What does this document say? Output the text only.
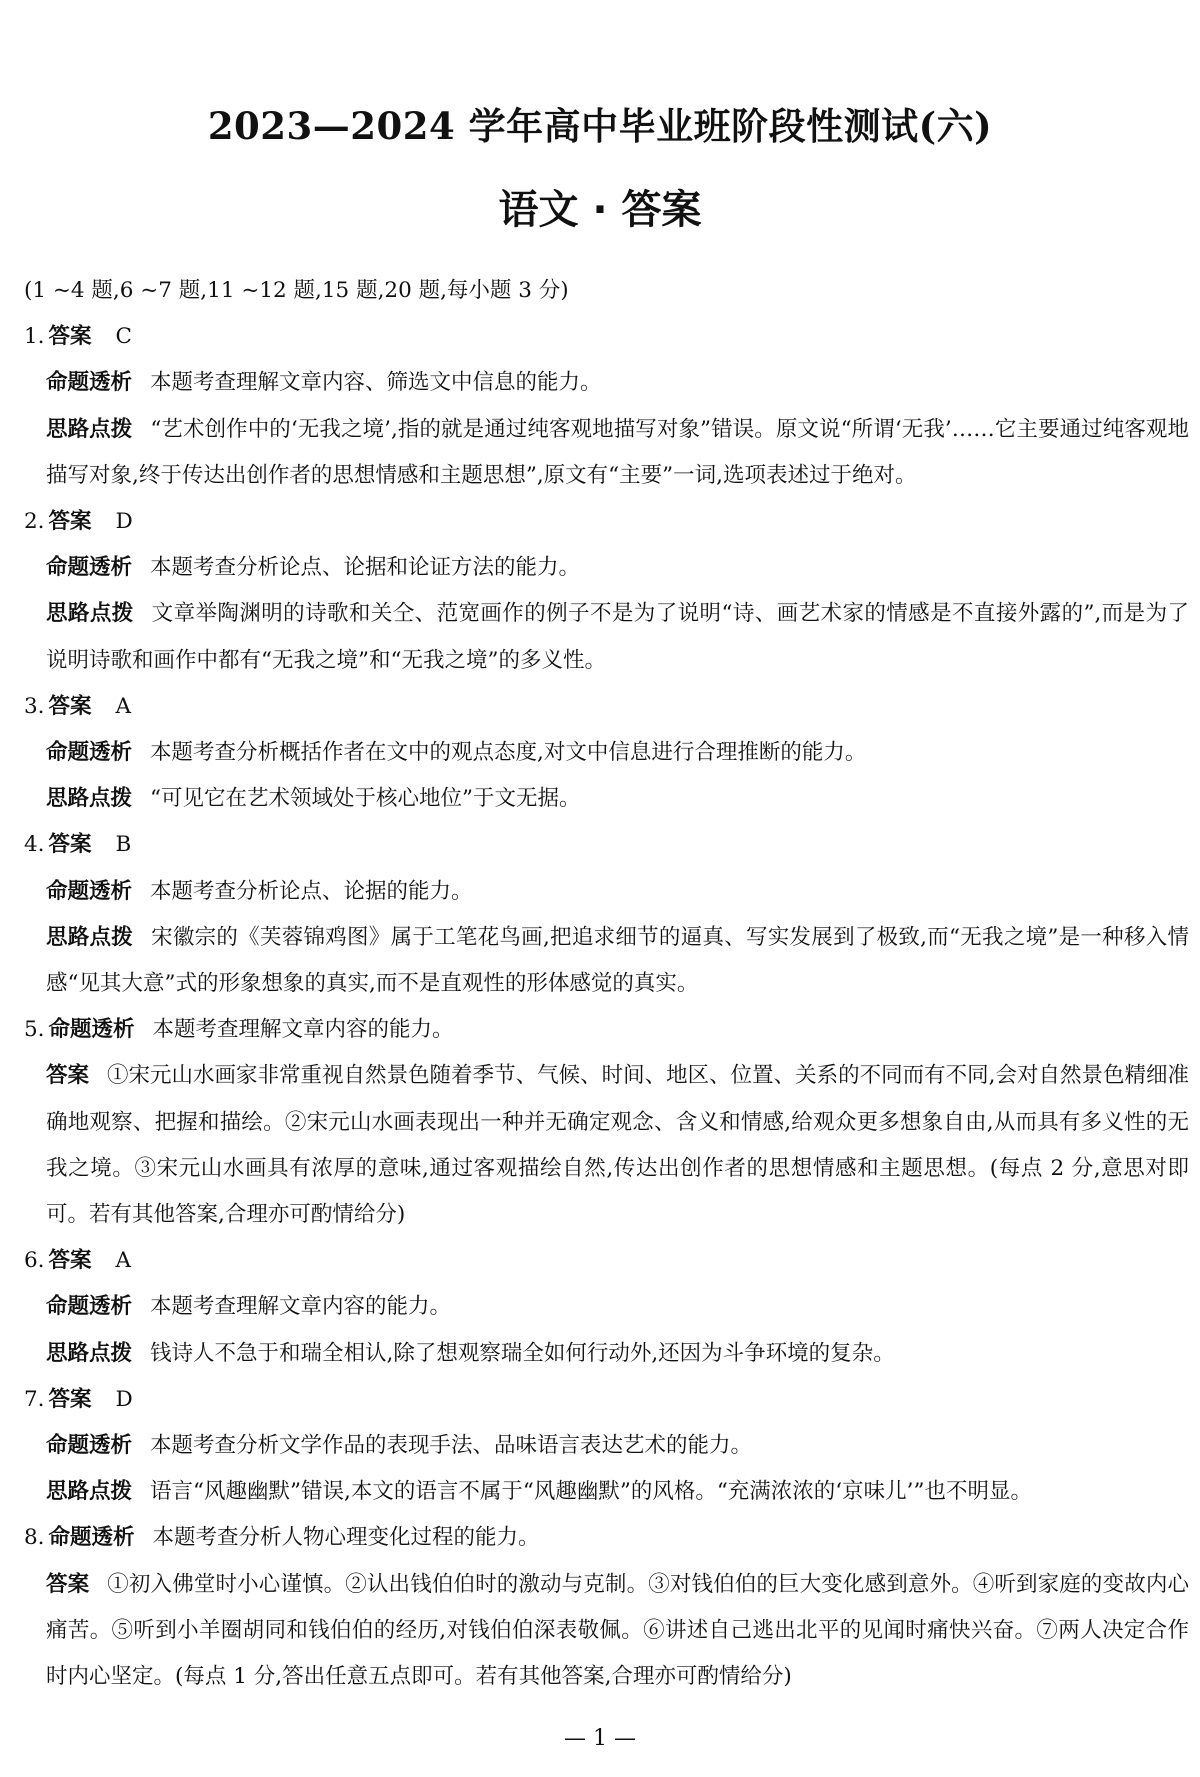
2023—2024 学年高中毕业班阶段性测试(六)
语文 · 答案

(1 ~4 题,6 ~7 题,11 ~12 题,15 题,20 题,每小题 3 分)

1. 答案 C

命题透析 本题考查理解文章内容、筛选文中信息的能力。

思路点拨 “艺术创作中的‘无我之境’,指的就是通过纯客观地描写对象”错误。原文说“所谓‘无我’……它主要通过纯客观地描写对象,终于传达出创作者的思想情感和主题思想”,原文有“主要”一词,选项表述过于绝对。

2. 答案 D

命题透析 本题考查分析论点、论据和论证方法的能力。

思路点拨 文章举陶渊明的诗歌和关仝、范宽画作的例子不是为了说明“诗、画艺术家的情感是不直接外露的”,而是为了说明诗歌和画作中都有“无我之境”和“无我之境”的多义性。

3. 答案 A

命题透析 本题考查分析概括作者在文中的观点态度,对文中信息进行合理推断的能力。

思路点拨 “可见它在艺术领域处于核心地位”于文无据。

4. 答案 B

命题透析 本题考查分析论点、论据的能力。

思路点拨 宋徽宗的《芙蓉锦鸡图》属于工笔花鸟画,把追求细节的逼真、写实发展到了极致,而“无我之境”是一种移入情感“见其大意”式的形象想象的真实,而不是直观性的形体感觉的真实。

5. 命题透析 本题考查理解文章内容的能力。

答案 ①宋元山水画家非常重视自然景色随着季节、气候、时间、地区、位置、关系的不同而有不同,会对自然景色精细准确地观察、把握和描绘。②宋元山水画表现出一种并无确定观念、含义和情感,给观众更多想象自由,从而具有多义性的无我之境。③宋元山水画具有浓厚的意味,通过客观描绘自然,传达出创作者的思想情感和主题思想。(每点 2 分,意思对即可。若有其他答案,合理亦可酌情给分)

6. 答案 A

命题透析 本题考查理解文章内容的能力。

思路点拨 钱诗人不急于和瑞全相认,除了想观察瑞全如何行动外,还因为斗争环境的复杂。

7. 答案 D

命题透析 本题考查分析文学作品的表现手法、品味语言表达艺术的能力。

思路点拨 语言“风趣幽默”错误,本文的语言不属于“风趣幽默”的风格。“充满浓浓的‘京味儿’”也不明显。

8. 命题透析 本题考查分析人物心理变化过程的能力。

答案 ①初入佛堂时小心谨慎。②认出钱伯伯时的激动与克制。③对钱伯伯的巨大变化感到意外。④听到家庭的变故内心痛苦。⑤听到小羊圈胡同和钱伯伯的经历,对钱伯伯深表敬佩。⑥讲述自己逃出北平的见闻时痛快兴奋。⑦两人决定合作时内心坚定。(每点 1 分,答出任意五点即可。若有其他答案,合理亦可酌情给分)

— 1 —
